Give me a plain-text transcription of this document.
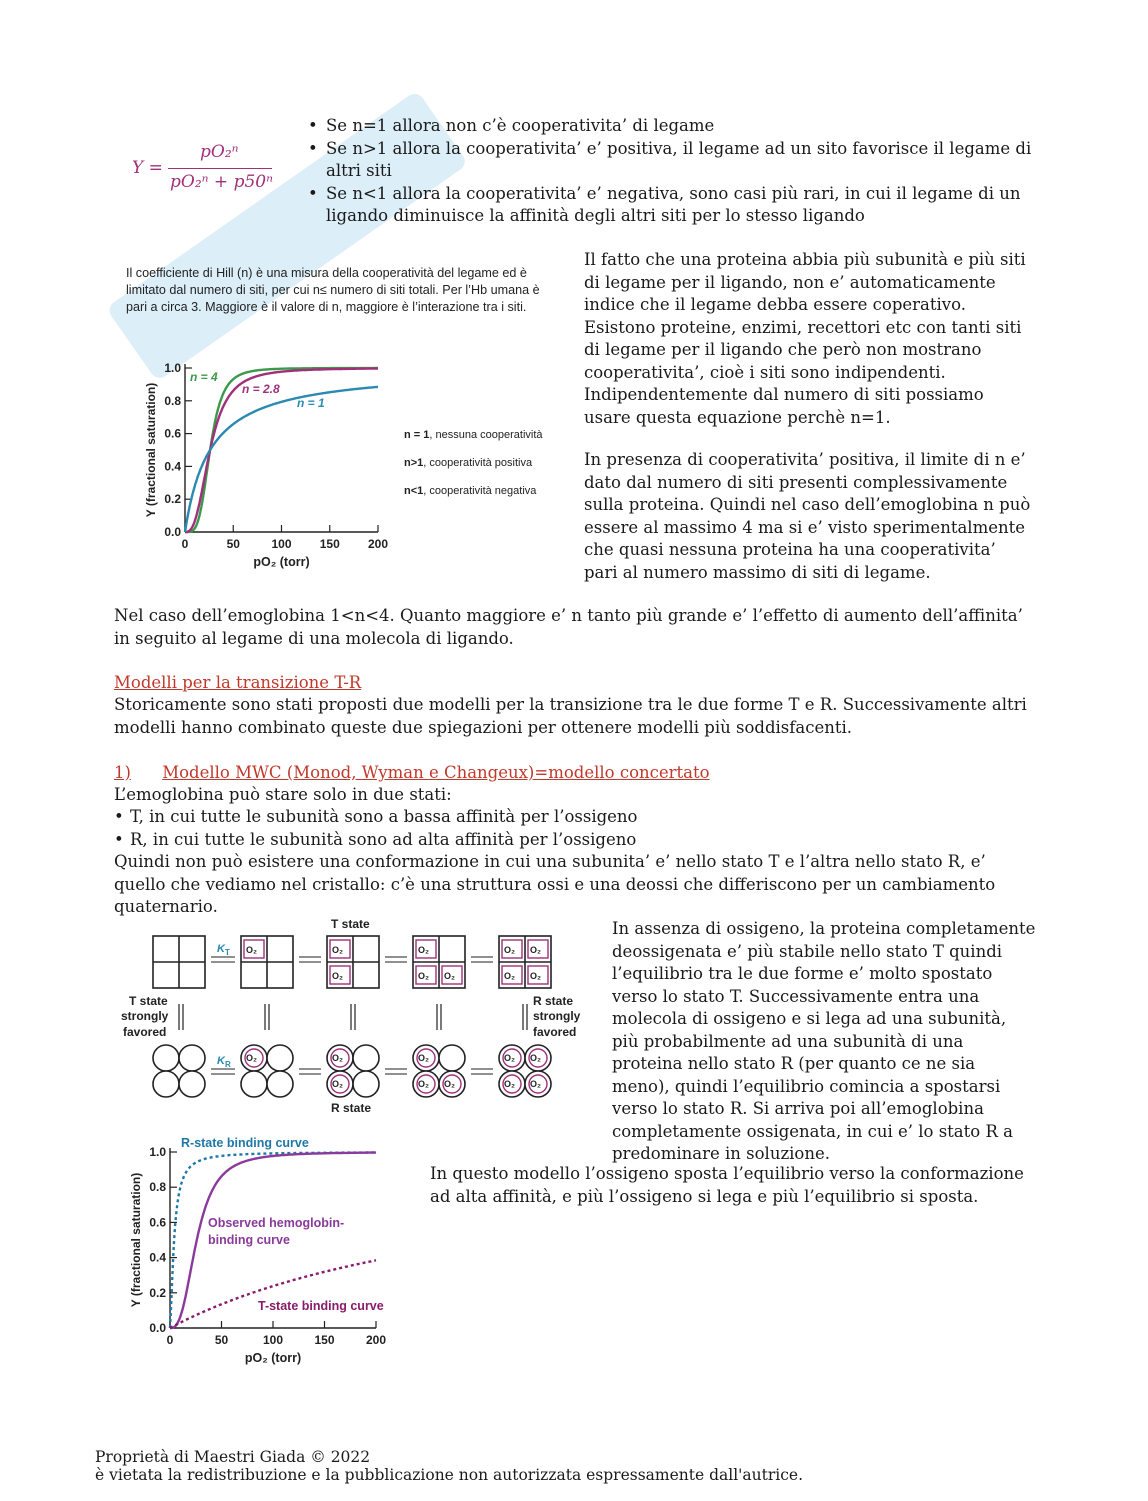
Y =
pO₂ⁿ
pO₂ⁿ + p50ⁿ
• Se n=1 allora non c’è cooperativita’ di legame
• Se n>1 allora la cooperativita’ e’ positiva, il legame ad un sito favorisce il legame di altri siti
• Se n<1 allora la cooperativita’ e’ negativa, sono casi più rari, in cui il legame di un ligando diminuisce la affinità degli altri siti per lo stesso ligando
Il coefficiente di Hill (n) è una misura della cooperatività del legame ed è limitato dal numero di siti, per cui n≤ numero di siti totali. Per l’Hb umana è pari a circa 3. Maggiore è il valore di n, maggiore è l’interazione tra i siti.
0	50	100 150 200
0.0
0.2
0.4
0.6
0.8
1.0
pO₂ (torr)
Y (fractional saturation)
n = 4
n = 2.8
n = 1
n = 1, nessuna cooperatività
n>1, cooperatività positiva
n<1, cooperatività negativa

Il fatto che una proteina abbia più subunità e più siti di legame per il ligando, non e’ automaticamente indice che il legame debba essere coperativo. Esistono proteine, enzimi, recettori etc con tanti siti di legame per il ligando che però non mostrano cooperativita’, cioè i siti sono indipendenti. Indipendentemente dal numero di siti possiamo usare questa equazione perchè n=1.

In presenza di cooperativita’ positiva, il limite di n e’ dato dal numero di siti presenti complessivamente sulla proteina. Quindi nel caso dell’emoglobina n può essere al massimo 4 ma si e’ visto sperimentalmente che quasi nessuna proteina ha una cooperativita’ pari al numero massimo di siti di legame.

Nel caso dell’emoglobina 1<n<4. Quanto maggiore e’ n tanto più grande e’ l’effetto di aumento dell’affinita’ in seguito al legame di una molecola di ligando.

Modelli per la transizione T-R

Storicamente sono stati proposti due modelli per la transizione tra le due forme T e R. Successivamente altri modelli hanno combinato queste due spiegazioni per ottenere modelli più soddisfacenti.

1) Modello MWC (Monod, Wyman e Changeux)=modello concertato

L’emoglobina può stare solo in due stati:

• T, in cui tutte le subunità sono a bassa affinità per l’ossigeno
• R, in cui tutte le subunità sono ad alta affinità per l’ossigeno

Quindi non può esistere una conformazione in cui una subunita’ e’ nello stato T e l’altra nello stato R, e’ quello che vediamo nel cristallo: c’è una struttura ossi e una deossi che differiscono per un cambiamento quaternario.

T state
O₂	O₂
O₂
O₂
O₂ O₂
O₂ O₂
O₂ O₂
K T
T state
strongly
favored
R state
strongly
favored
O₂	O₂
O₂
O₂
O₂ O₂
O₂ O₂
O₂ O₂
K R
R state

In assenza di ossigeno, la proteina completamente deossigenata e’ più stabile nello stato T quindi l’equilibrio tra le due forme e’ molto spostato verso lo stato T. Successivamente entra una molecola di ossigeno e si lega ad una subunità, più probabilmente ad una subunità di una proteina nello stato R (per quanto ce ne sia meno), quindi l’equilibrio comincia a spostarsi verso lo stato R. Si arriva poi all’emoglobina completamente ossigenata, in cui e’ lo stato R a predominare in soluzione.

0	50	100	150	200
0.0
0.2
0.4
0.6
0.8
1.0
pO₂ (torr)
Y (fractional saturation)
R-state binding curve
Observed hemoglobin-
T-state binding curve
binding curve

In questo modello l’ossigeno sposta l’equilibrio verso la conformazione ad alta affinità, e più l’ossigeno si lega e più l’equilibrio si sposta.

Proprietà di Maestri Giada © 2022
è vietata la redistribuzione e la pubblicazione non autorizzata espressamente dall'autrice.
